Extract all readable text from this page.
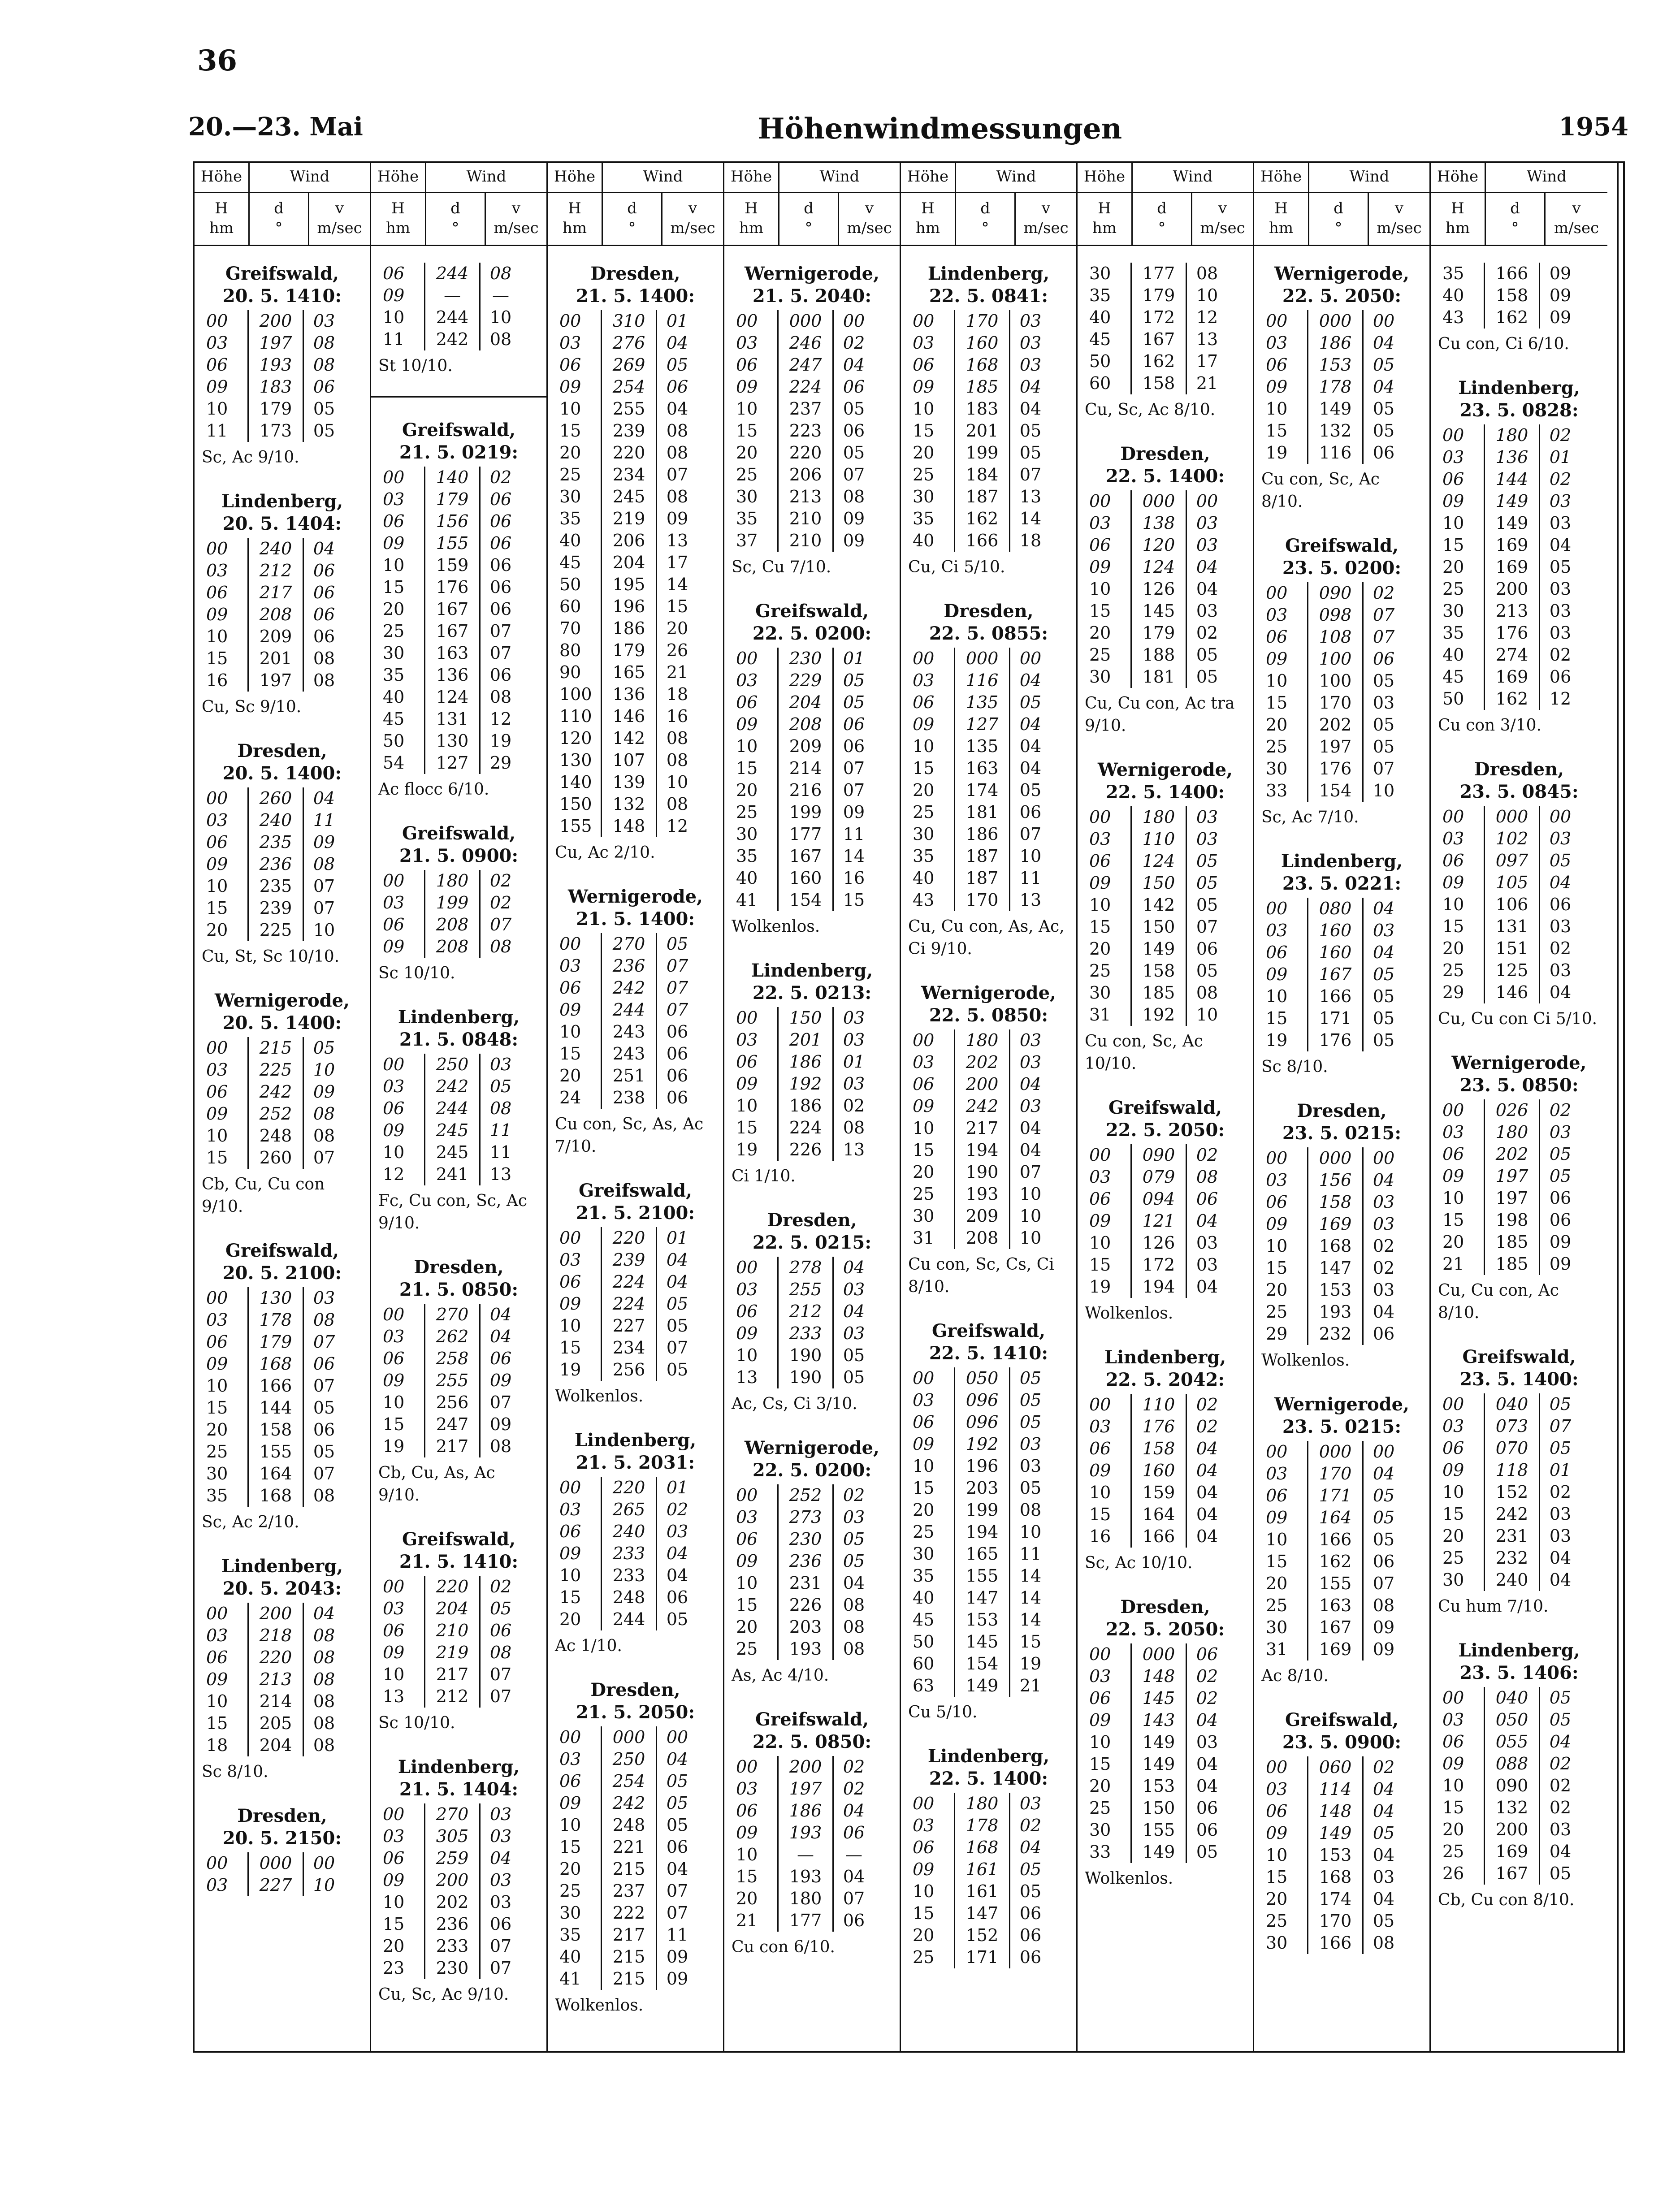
36
20.—23. Mai	Höhenwindmessungen	1954
Höhe	Wind
H
hm
d
°
v
m/sec
Greifswald,
20. 5. 1410:
00	200	03
03	197	08
06	193	08
09	183	06
10	179	05
11	173	05
Sc, Ac 9/10.
Lindenberg,
20. 5. 1404:
00	240	04
03	212	06
06	217	06
09	208	06
10	209	06
15	201	08
16	197	08
Cu, Sc 9/10.
Dresden,
20. 5. 1400:
00	260	04
03	240	11
06	235	09
09	236	08
10	235	07
15	239	07
20	225	10
Cu, St, Sc 10/10.
Wernigerode,
20. 5. 1400:
00	215	05
03	225	10
06	242	09
09	252	08
10	248	08
15	260	07
Cb, Cu, Cu con 9/10.
Greifswald,
20. 5. 2100:
00	130	03
03	178	08
06	179	07
09	168	06
10	166	07
15	144	05
20	158	06
25	155	05
30	164	07
35	168	08
Sc, Ac 2/10.
Lindenberg,
20. 5. 2043:
00	200	04
03	218	08
06	220	08
09	213	08
10	214	08
15	205	08
18	204	08
Sc 8/10.
Dresden,
20. 5. 2150:
00	000	00
03	227	10
Höhe	Wind
H
hm
d
°
v
m/sec
06	244	08
09	—	—
10	244	10
11	242	08
St 10/10.
Greifswald,
21. 5. 0219:
00	140	02
03	179	06
06	156	06
09	155	06
10	159	06
15	176	06
20	167	06
25	167	07
30	163	07
35	136	06
40	124	08
45	131	12
50	130	19
54	127	29
Ac flocc 6/10.
Greifswald,
21. 5. 0900:
00	180	02
03	199	02
06	208	07
09	208	08
Sc 10/10.
Lindenberg,
21. 5. 0848:
00	250	03
03	242	05
06	244	08
09	245	11
10	245	11
12	241	13
Fc, Cu con, Sc, Ac 9/10.
Dresden,
21. 5. 0850:
00	270	04
03	262	04
06	258	06
09	255	09
10	256	07
15	247	09
19	217	08
Cb, Cu, As, Ac 9/10.
Greifswald,
21. 5. 1410:
00	220	02
03	204	05
06	210	06
09	219	08
10	217	07
13	212	07
Sc 10/10.
Lindenberg,
21. 5. 1404:
00	270	03
03	305	03
06	259	04
09	200	03
10	202	03
15	236	06
20	233	07
23	230	07
Cu, Sc, Ac 9/10.
Höhe	Wind
H
hm
d
°
v
m/sec
Dresden,
21. 5. 1400:
00	310	01
03	276	04
06	269	05
09	254	06
10	255	04
15	239	08
20	220	08
25	234	07
30	245	08
35	219	09
40	206	13
45	204	17
50	195	14
60	196	15
70	186	20
80	179	26
90	165	21
100	136	18
110	146	16
120	142	08
130	107	08
140	139	10
150	132	08
155	148	12
Cu, Ac 2/10.
Wernigerode,
21. 5. 1400:
00	270	05
03	236	07
06	242	07
09	244	07
10	243	06
15	243	06
20	251	06
24	238	06
Cu con, Sc, As, Ac 7/10.
Greifswald,
21. 5. 2100:
00	220	01
03	239	04
06	224	04
09	224	05
10	227	05
15	234	07
19	256	05
Wolkenlos.
Lindenberg,
21. 5. 2031:
00	220	01
03	265	02
06	240	03
09	233	04
10	233	04
15	248	06
20	244	05
Ac 1/10.
Dresden,
21. 5. 2050:
00	000	00
03	250	04
06	254	05
09	242	05
10	248	05
15	221	06
20	215	04
25	237	07
30	222	07
35	217	11
40	215	09
41	215	09
Wolkenlos.
Höhe	Wind
H
hm
d
°
v
m/sec
Wernigerode,
21. 5. 2040:
00	000	00
03	246	02
06	247	04
09	224	06
10	237	05
15	223	06
20	220	05
25	206	07
30	213	08
35	210	09
37	210	09
Sc, Cu 7/10.
Greifswald,
22. 5. 0200:
00	230	01
03	229	05
06	204	05
09	208	06
10	209	06
15	214	07
20	216	07
25	199	09
30	177	11
35	167	14
40	160	16
41	154	15
Wolkenlos.
Lindenberg,
22. 5. 0213:
00	150	03
03	201	03
06	186	01
09	192	03
10	186	02
15	224	08
19	226	13
Ci 1/10.
Dresden,
22. 5. 0215:
00	278	04
03	255	03
06	212	04
09	233	03
10	190	05
13	190	05
Ac, Cs, Ci 3/10.
Wernigerode,
22. 5. 0200:
00	252	02
03	273	03
06	230	05
09	236	05
10	231	04
15	226	08
20	203	08
25	193	08
As, Ac 4/10.
Greifswald,
22. 5. 0850:
00	200	02
03	197	02
06	186	04
09	193	06
10	—	—
15	193	04
20	180	07
21	177	06
Cu con 6/10.
Höhe	Wind
H
hm
d
°
v
m/sec
Lindenberg,
22. 5. 0841:
00	170	03
03	160	03
06	168	03
09	185	04
10	183	04
15	201	05
20	199	05
25	184	07
30	187	13
35	162	14
40	166	18
Cu, Ci 5/10.
Dresden,
22. 5. 0855:
00	000	00
03	116	04
06	135	05
09	127	04
10	135	04
15	163	04
20	174	05
25	181	06
30	186	07
35	187	10
40	187	11
43	170	13
Cu, Cu con, As, Ac, Ci 9/10.
Wernigerode,
22. 5. 0850:
00	180	03
03	202	03
06	200	04
09	242	03
10	217	04
15	194	04
20	190	07
25	193	10
30	209	10
31	208	10
Cu con, Sc, Cs, Ci 8/10.
Greifswald,
22. 5. 1410:
00	050	05
03	096	05
06	096	05
09	192	03
10	196	03
15	203	05
20	199	08
25	194	10
30	165	11
35	155	14
40	147	14
45	153	14
50	145	15
60	154	19
63	149	21
Cu 5/10.
Lindenberg,
22. 5. 1400:
00	180	03
03	178	02
06	168	04
09	161	05
10	161	05
15	147	06
20	152	06
25	171	06
Höhe	Wind
H
hm
d
°
v
m/sec
30	177	08
35	179	10
40	172	12
45	167	13
50	162	17
60	158	21
Cu, Sc, Ac 8/10.
Dresden,
22. 5. 1400:
00	000	00
03	138	03
06	120	03
09	124	04
10	126	04
15	145	03
20	179	02
25	188	05
30	181	05
Cu, Cu con, Ac tra 9/10.
Wernigerode,
22. 5. 1400:
00	180	03
03	110	03
06	124	05
09	150	05
10	142	05
15	150	07
20	149	06
25	158	05
30	185	08
31	192	10
Cu con, Sc, Ac 10/10.
Greifswald,
22. 5. 2050:
00	090	02
03	079	08
06	094	06
09	121	04
10	126	03
15	172	03
19	194	04
Wolkenlos.
Lindenberg,
22. 5. 2042:
00	110	02
03	176	02
06	158	04
09	160	04
10	159	04
15	164	04
16	166	04
Sc, Ac 10/10.
Dresden,
22. 5. 2050:
00	000	06
03	148	02
06	145	02
09	143	04
10	149	03
15	149	04
20	153	04
25	150	06
30	155	06
33	149	05
Wolkenlos.
Höhe	Wind
H
hm
d
°
v
m/sec
Wernigerode,
22. 5. 2050:
00	000	00
03	186	04
06	153	05
09	178	04
10	149	05
15	132	05
19	116	06
Cu con, Sc, Ac 8/10.
Greifswald,
23. 5. 0200:
00	090	02
03	098	07
06	108	07
09	100	06
10	100	05
15	170	03
20	202	05
25	197	05
30	176	07
33	154	10
Sc, Ac 7/10.
Lindenberg,
23. 5. 0221:
00	080	04
03	160	03
06	160	04
09	167	05
10	166	05
15	171	05
19	176	05
Sc 8/10.
Dresden,
23. 5. 0215:
00	000	00
03	156	04
06	158	03
09	169	03
10	168	02
15	147	02
20	153	03
25	193	04
29	232	06
Wolkenlos.
Wernigerode,
23. 5. 0215:
00	000	00
03	170	04
06	171	05
09	164	05
10	166	05
15	162	06
20	155	07
25	163	08
30	167	09
31	169	09
Ac 8/10.
Greifswald,
23. 5. 0900:
00	060	02
03	114	04
06	148	04
09	149	05
10	153	04
15	168	03
20	174	04
25	170	05
30	166	08
Höhe	Wind
H
hm
d
°
v
m/sec
35	166	09
40	158	09
43	162	09
Cu con, Ci 6/10.
Lindenberg,
23. 5. 0828:
00	180	02
03	136	01
06	144	02
09	149	03
10	149	03
15	169	04
20	169	05
25	200	03
30	213	03
35	176	03
40	274	02
45	169	06
50	162	12
Cu con 3/10.
Dresden,
23. 5. 0845:
00	000	00
03	102	03
06	097	05
09	105	04
10	106	06
15	131	03
20	151	02
25	125	03
29	146	04
Cu, Cu con Ci 5/10.
Wernigerode,
23. 5. 0850:
00	026	02
03	180	03
06	202	05
09	197	05
10	197	06
15	198	06
20	185	09
21	185	09
Cu, Cu con, Ac 8/10.
Greifswald,
23. 5. 1400:
00	040	05
03	073	07
06	070	05
09	118	01
10	152	02
15	242	03
20	231	03
25	232	04
30	240	04
Cu hum 7/10.
Lindenberg,
23. 5. 1406:
00	040	05
03	050	05
06	055	04
09	088	02
10	090	02
15	132	02
20	200	03
25	169	04
26	167	05
Cb, Cu con 8/10.
